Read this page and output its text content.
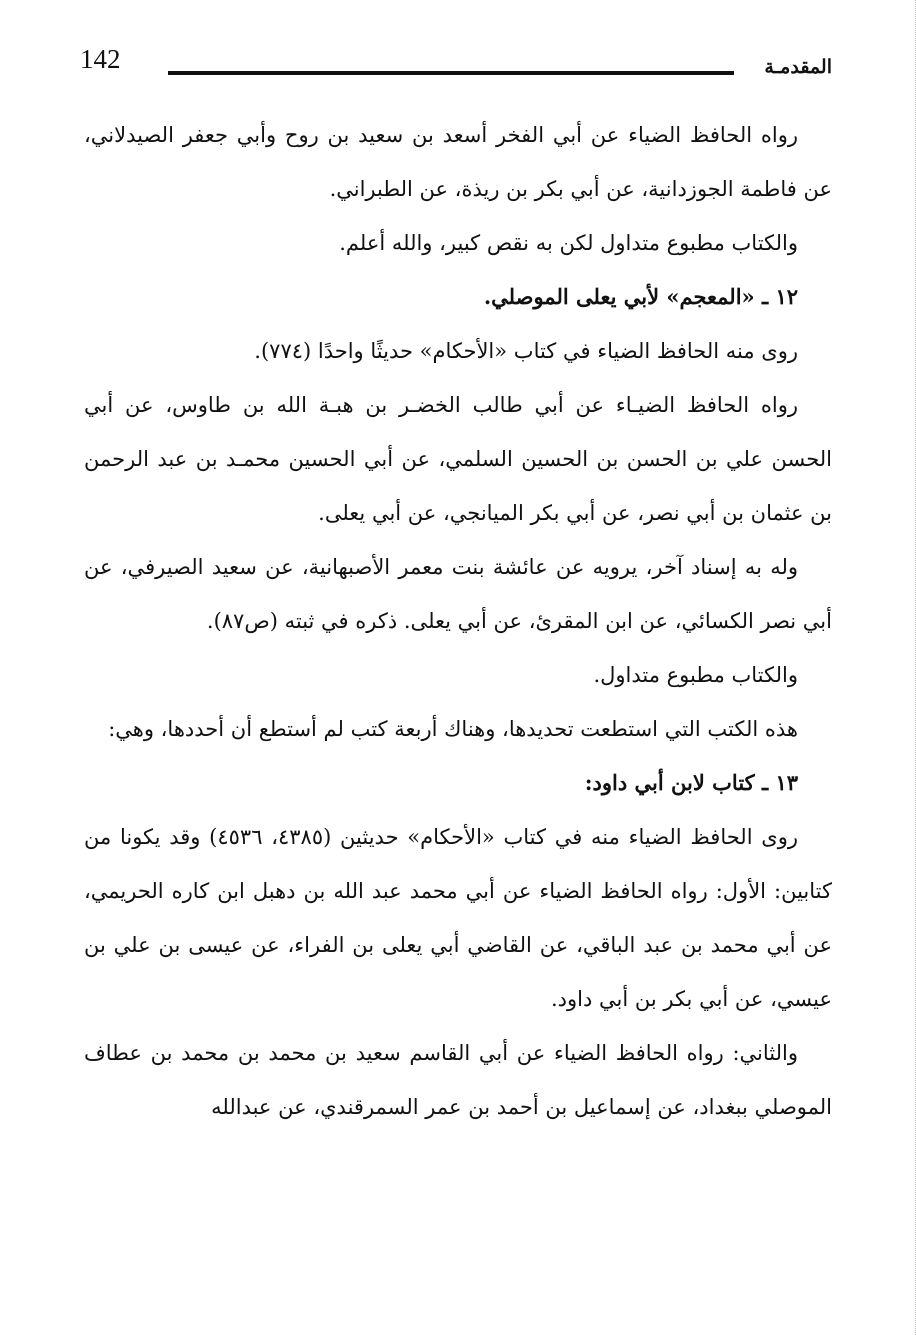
142	المقدمـة

رواه الحافظ الضياء عن أبي الفخر أسعد بن سعيد بن روح وأبي جعفر الصيدلاني، عن فاطمة الجوزدانية، عن أبي بكر بن ريذة، عن الطبراني.

والكتاب مطبوع متداول لكن به نقص كبير، والله أعلم.

١٢ ـ «المعجم» لأبي يعلى الموصلي.

روى منه الحافظ الضياء في كتاب «الأحكام» حديثًا واحدًا (٧٧٤).

رواه الحافظ الضيـاء عن أبي طالب الخضـر بن هبـة الله بن طاوس، عن أبي الحسن علي بن الحسن بن الحسين السلمي، عن أبي الحسين محمـد بن عبد الرحمن بن عثمان بن أبي نصر، عن أبي بكر الميانجي، عن أبي يعلى.

وله به إسناد آخر، يرويه عن عائشة بنت معمر الأصبهانية، عن سعيد الصيرفي، عن أبي نصر الكسائي، عن ابن المقرئ، عن أبي يعلى. ذكره في ثبته (ص٨٧).

والكتاب مطبوع متداول.

هذه الكتب التي استطعت تحديدها، وهناك أربعة كتب لم أستطع أن أحددها، وهي:

١٣ ـ كتاب لابن أبي داود:

روى الحافظ الضياء منه في كتاب «الأحكام» حديثين (٤٣٨٥، ٤٥٣٦) وقد يكونا من كتابين: الأول: رواه الحافظ الضياء عن أبي محمد عبد الله بن دهبل ابن كاره الحريمي، عن أبي محمد بن عبد الباقي، عن القاضي أبي يعلى بن الفراء، عن عيسى بن علي بن عيسي، عن أبي بكر بن أبي داود.

والثاني: رواه الحافظ الضياء عن أبي القاسم سعيد بن محمد بن محمد بن عطاف الموصلي ببغداد، عن إسماعيل بن أحمد بن عمر السمرقندي، عن عبدالله
